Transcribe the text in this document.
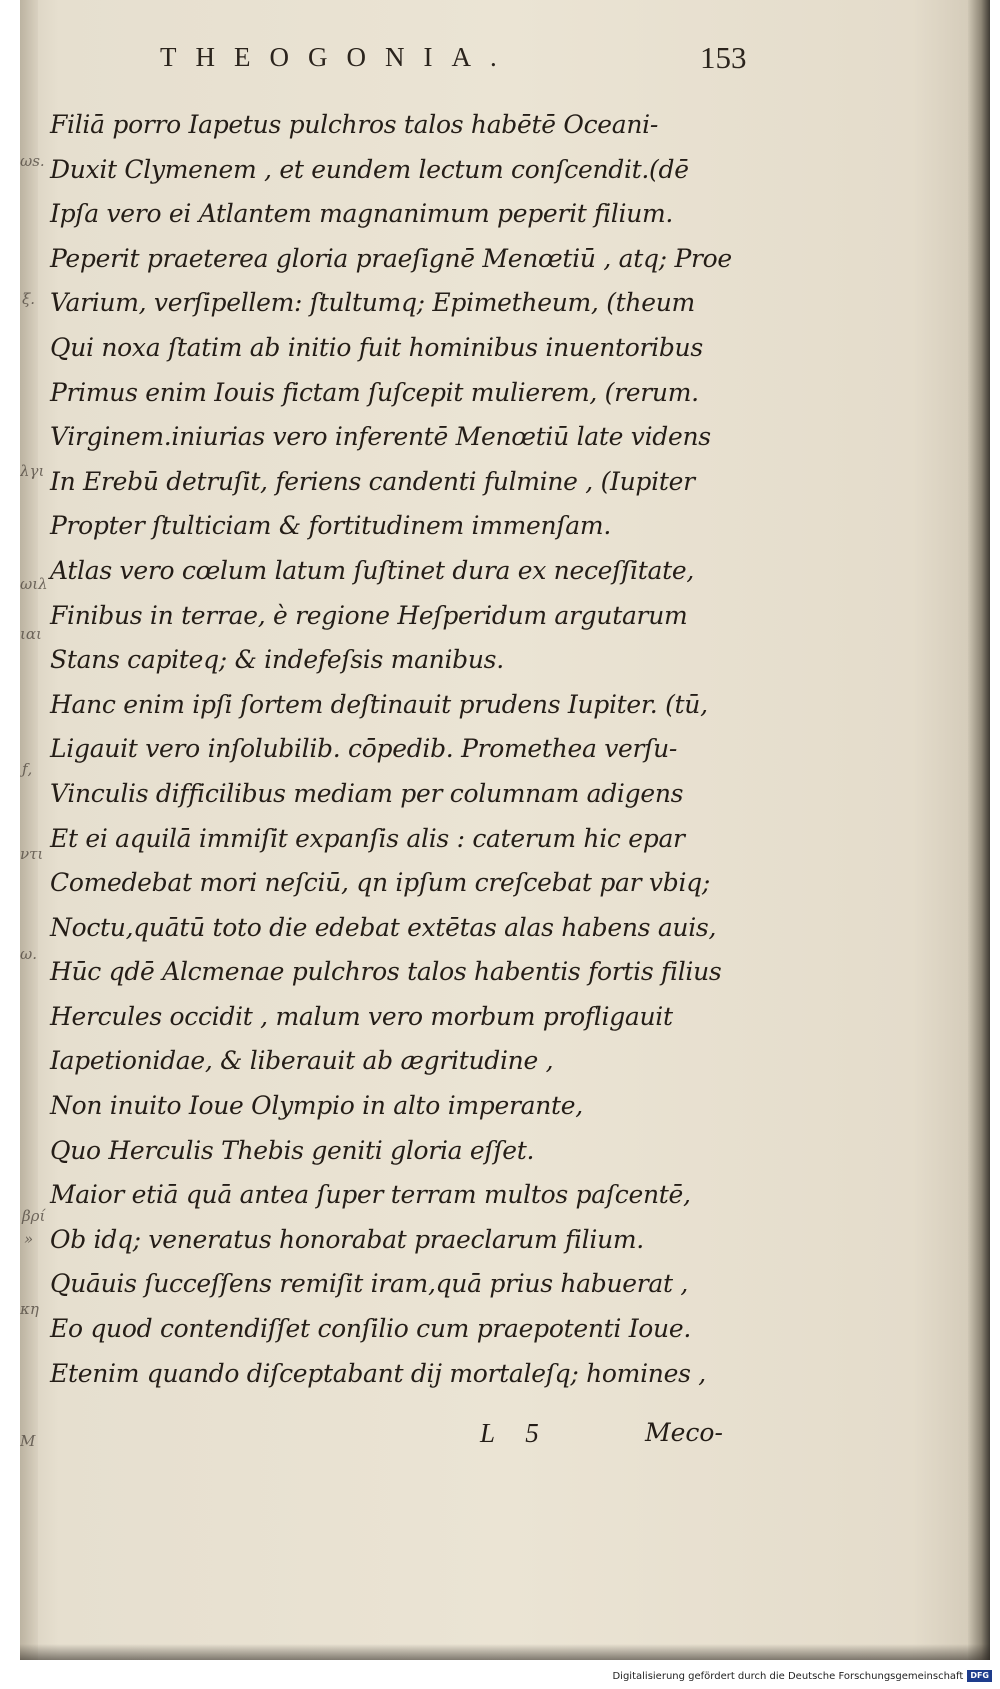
ωs.
ξ.
λγι
ωιλ
ιαι
ƒ,
ντι
ω.
βρί
»
κη
Μ
THEOGONIA.	153
Filiā porro Iapetus pulchros talos habētē Oceani-
Duxit Clymenem , et eundem lectum conſcendit.(dē
Ipſa vero ei Atlantem magnanimum peperit filium.
Peperit praeterea gloria praeſignē Menœtiū , atq; Proe
Varium, verſipellem: ſtultumq; Epimetheum, (theum
Qui noxa ſtatim ab initio fuit hominibus inuentoribus
Primus enim Iouis fictam ſuſcepit mulierem, (rerum.
Virginem.iniurias vero inferentē Menœtiū late videns
In Erebū detruſit, feriens candenti fulmine , (Iupiter
Propter ſtulticiam & fortitudinem immenſam.
Atlas vero cœlum latum ſuſtinet dura ex neceſſitate,
Finibus in terrae, è regione Heſperidum argutarum
Stans capiteq; & indefeſsis manibus.
Hanc enim ipſi ſortem deſtinauit prudens Iupiter. (tū,
Ligauit vero inſolubilib. cōpedib. Promethea verſu-
Vinculis difficilibus mediam per columnam adigens
Et ei aquilā immiſit expanſis alis : caterum hic epar
Comedebat mori neſciū, qn ipſum creſcebat par vbiq;
Noctu,quātū toto die edebat extētas alas habens auis,
Hūc qdē Alcmenae pulchros talos habentis fortis filius
Hercules occidit , malum vero morbum profligauit
Iapetionidae, & liberauit ab ægritudine ,
Non inuito Ioue Olympio in alto imperante,
Quo Herculis Thebis geniti gloria eſſet.
Maior etiā quā antea ſuper terram multos paſcentē,
Ob idq; veneratus honorabat praeclarum filium.
Quāuis ſucceſſens remiſit iram,quā prius habuerat ,
Eo quod contendiſſet conſilio cum praepotenti Ioue.
Etenim quando diſceptabant dij mortaleſq; homines ,
L 5	Meco-
Digitalisierung gefördert durch die Deutsche Forschungsgemeinschaft DFG
